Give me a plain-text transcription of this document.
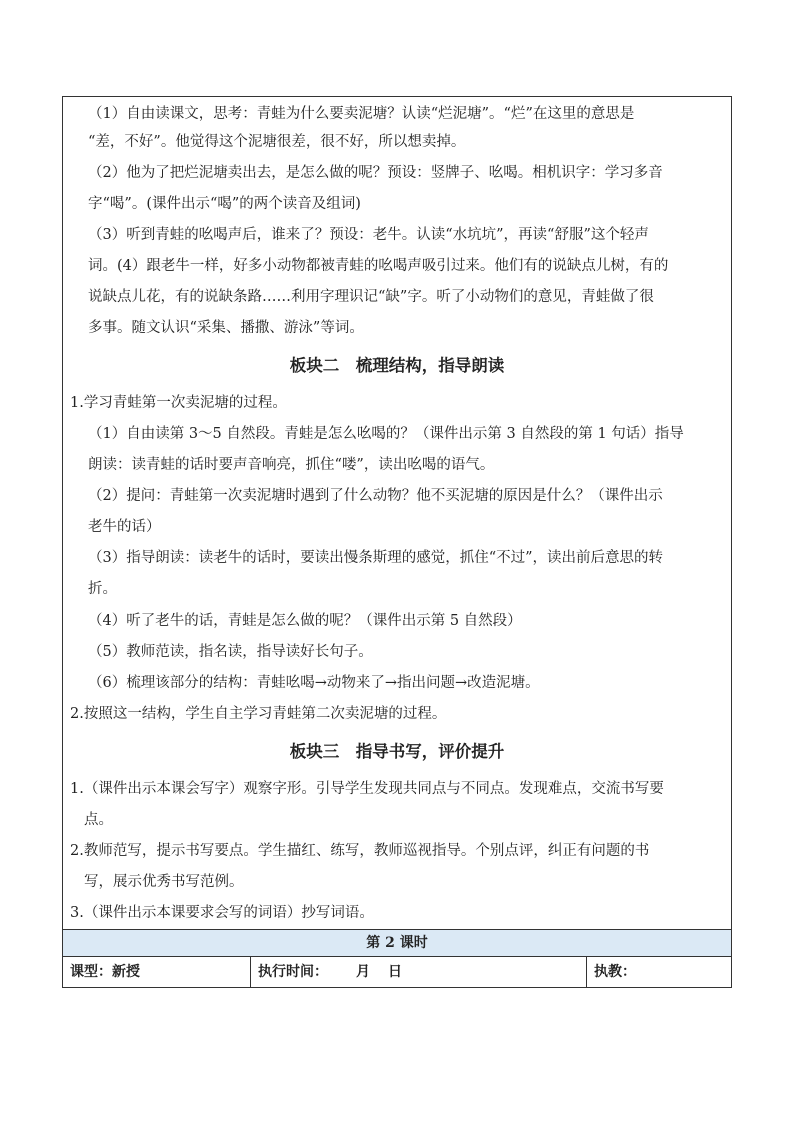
（1）自由读课文，思考：青蛙为什么要卖泥塘？认读“烂泥塘”。“烂”在这里的意思是
“差，不好”。他觉得这个泥塘很差，很不好，所以想卖掉。
（2）他为了把烂泥塘卖出去，是怎么做的呢？预设：竖牌子、吆喝。相机识字：学习多音
字“喝”。(课件出示“喝”的两个读音及组词)
（3）听到青蛙的吆喝声后，谁来了？预设：老牛。认读“水坑坑”，再读“舒服”这个轻声
词。(4）跟老牛一样，好多小动物都被青蛙的吆喝声吸引过来。他们有的说缺点儿树，有的
说缺点儿花，有的说缺条路……利用字理识记“缺”字。听了小动物们的意见，青蛙做了很
多事。随文认识“采集、播撒、游泳”等词。
板块二　梳理结构，指导朗读
1.学习青蛙第一次卖泥塘的过程。
（1）自由读第 3～5 自然段。青蛙是怎么吆喝的？（课件出示第 3 自然段的第 1 句话）指导
朗读：读青蛙的话时要声音响亮，抓住“喽”，读出吆喝的语气。
（2）提问：青蛙第一次卖泥塘时遇到了什么动物？他不买泥塘的原因是什么？（课件出示
老牛的话）
（3）指导朗读：读老牛的话时，要读出慢条斯理的感觉，抓住“不过”，读出前后意思的转
折。
（4）听了老牛的话，青蛙是怎么做的呢？（课件出示第 5 自然段）
（5）教师范读，指名读，指导读好长句子。
（6）梳理该部分的结构：青蛙吆喝→动物来了→指出问题→改造泥塘。
2.按照这一结构，学生自主学习青蛙第二次卖泥塘的过程。
板块三　指导书写，评价提升
1.（课件出示本课会写字）观察字形。引导学生发现共同点与不同点。发现难点，交流书写要
点。
2.教师范写，提示书写要点。学生描红、练写，教师巡视指导。个别点评，纠正有问题的书
写，展示优秀书写范例。
3.（课件出示本课要求会写的词语）抄写词语。
第 2 课时
课型：新授	执行时间： 月 日	执教：
